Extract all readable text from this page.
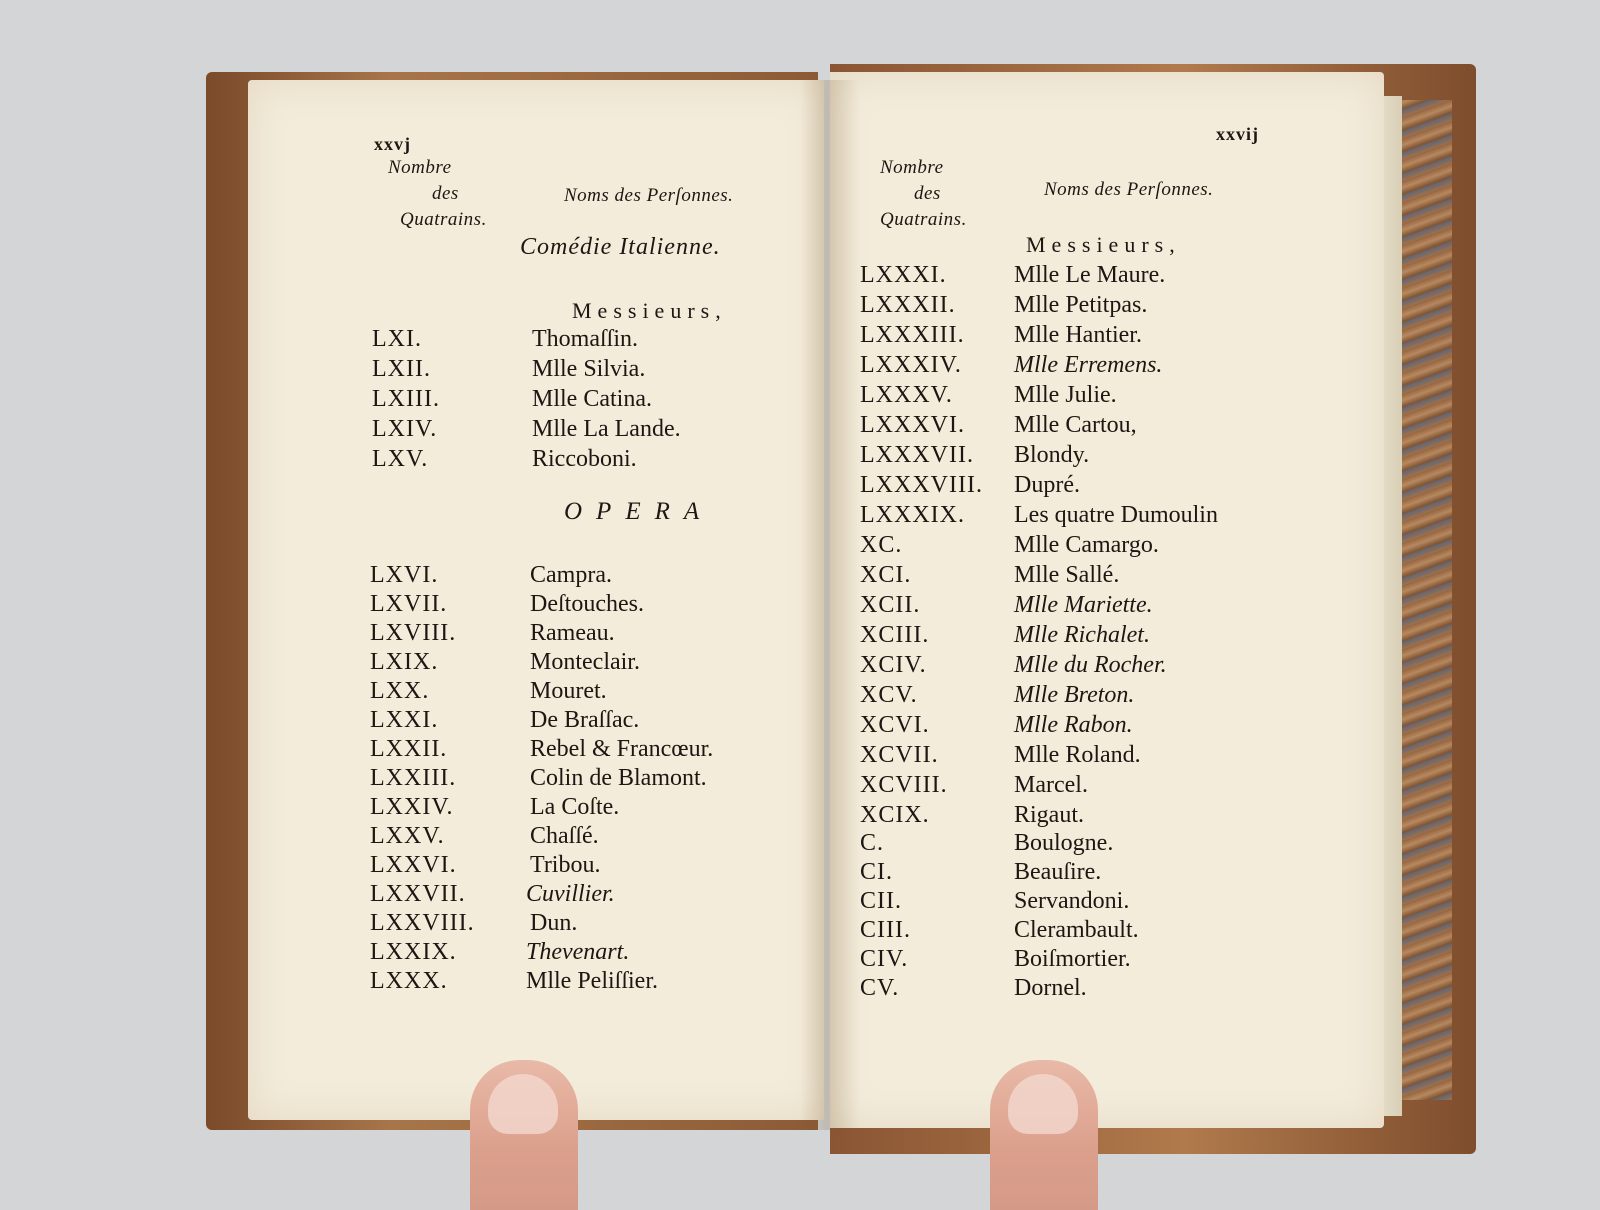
xxvj
Nombre
des
Quatrains.
Noms des Perſonnes.
Comédie Italienne.
Messieurs,
LXI.	Thomaſſin.
LXII.	Mlle Silvia.
LXIII.	Mlle Catina.
LXIV.	Mlle La Lande.
LXV.	Riccoboni.
OPERA
LXVI.	Campra.
LXVII.	Deſtouches.
LXVIII.	Rameau.
LXIX.	Monteclair.
LXX.	Mouret.
LXXI.	De Braſſac.
LXXII.	Rebel & Francœur.
LXXIII.	Colin de Blamont.
LXXIV.	La Coſte.
LXXV.	Chaſſé.
LXXVI.	Tribou.
LXXVII.	Cuvillier.
LXXVIII. Dun.
LXXIX.	Thevenart.
LXXX.	Mlle Peliſſier.
xxvij
Nombre
des
Quatrains.
Noms des Perſonnes.
Messieurs,
LXXXI.	Mlle Le Maure.
LXXXII. Mlle Petitpas.
LXXXIII. Mlle Hantier.
LXXXIV. Mlle Erremens.
LXXXV.	Mlle Julie.
LXXXVI. Mlle Cartou,
LXXXVII. Blondy.
LXXXVIII. Dupré.
LXXXIX. Les quatre Dumoulin
XC.	Mlle Camargo.
XCI.	Mlle Sallé.
XCII.	Mlle Mariette.
XCIII.	Mlle Richalet.
XCIV.	Mlle du Rocher.
XCV.	Mlle Breton.
XCVI.	Mlle Rabon.
XCVII.	Mlle Roland.
XCVIII.	Marcel.
XCIX.	Rigaut.
C.	Boulogne.
CI.	Beauſire.
CII.	Servandoni.
CIII.	Clerambault.
CIV.	Boiſmortier.
CV.	Dornel.
